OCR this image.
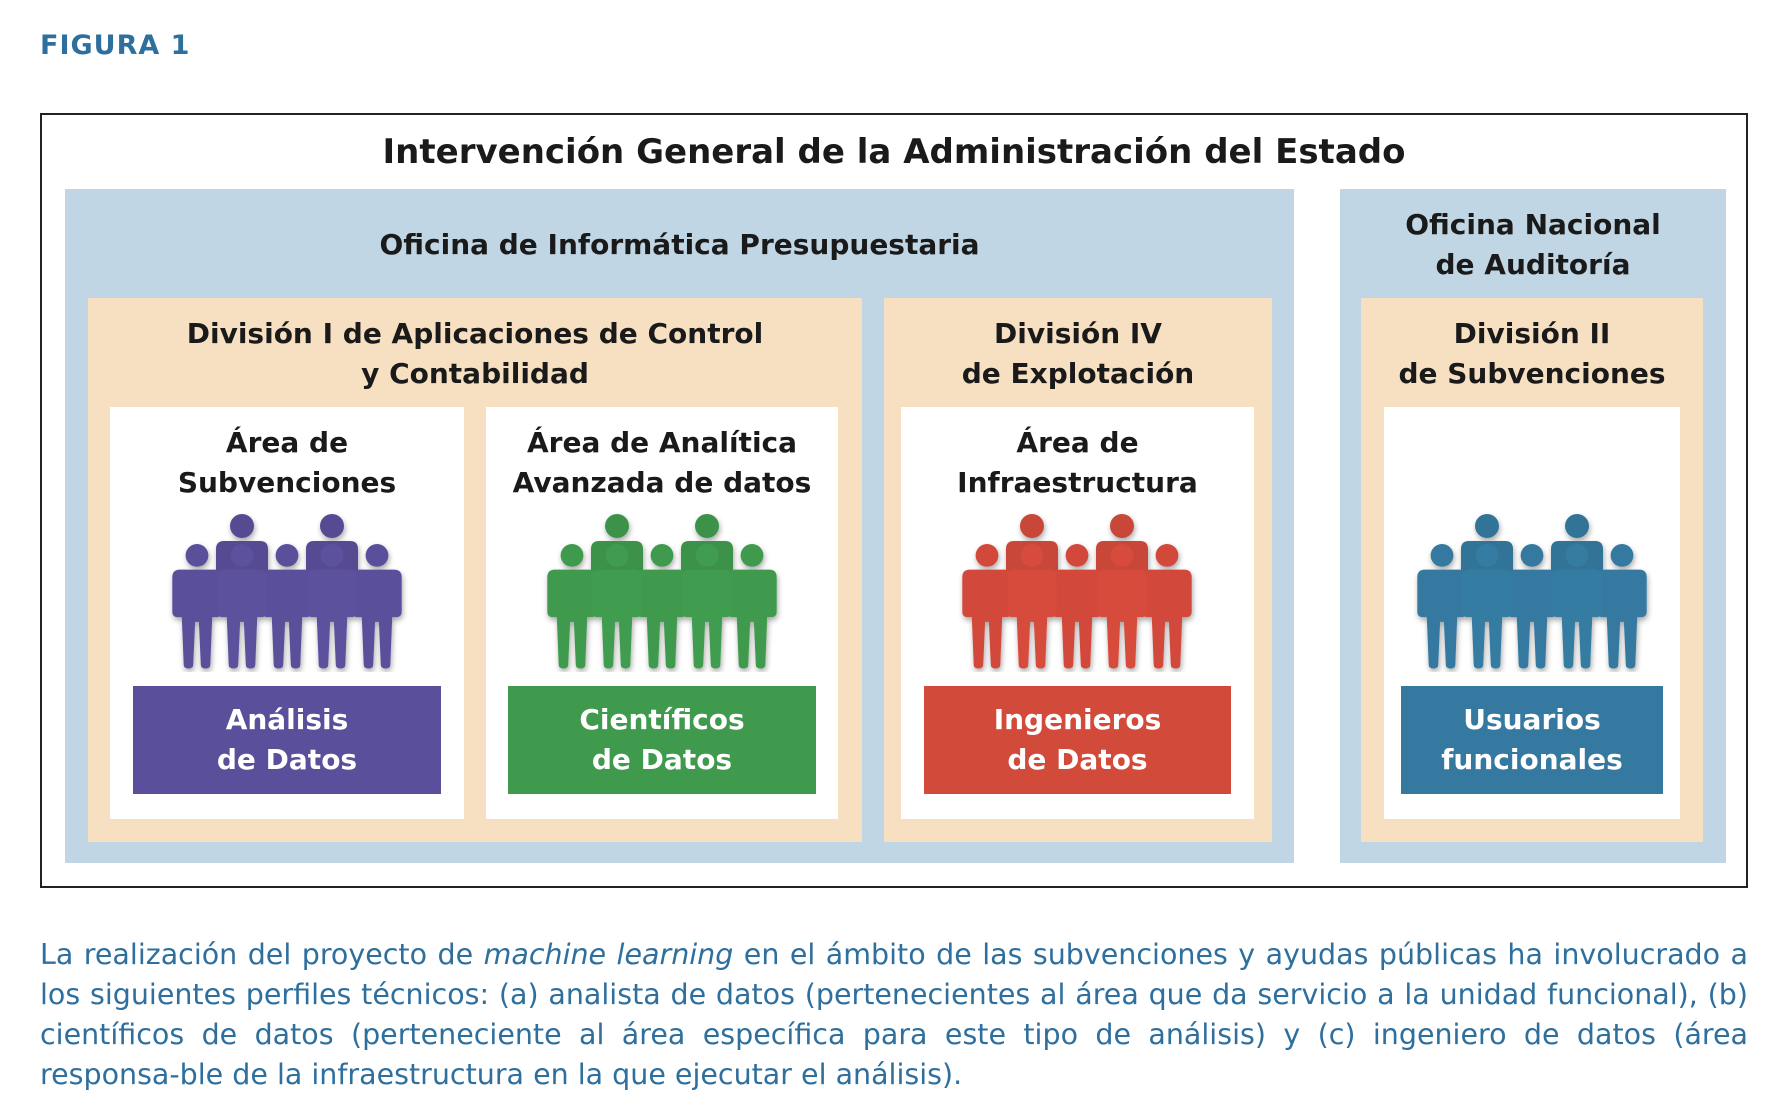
FIGURA 1
Intervención General de la Administración del Estado
Oficina de Informática Presupuestaria
Oficina Nacional
de Auditoría
División I de Aplicaciones de Control
y Contabilidad
División IV
de Explotación
División II
de Subvenciones
Área de
Subvenciones
Análisis
de Datos
Área de Analítica
Avanzada de datos
Científicos
de Datos
Área de
Infraestructura
Ingenieros
de Datos
Usuarios
funcionales

La realización del proyecto de machine learning en el ámbito de las subvenciones y ayudas públicas ha involucrado a los siguientes perfiles técnicos: (a) analista de datos (pertenecientes al área que da servicio a la unidad funcional), (b) científicos de datos (perteneciente al área específica para este tipo de análisis) y (c) ingeniero de datos (área responsa-ble de la infraestructura en la que ejecutar el análisis).
